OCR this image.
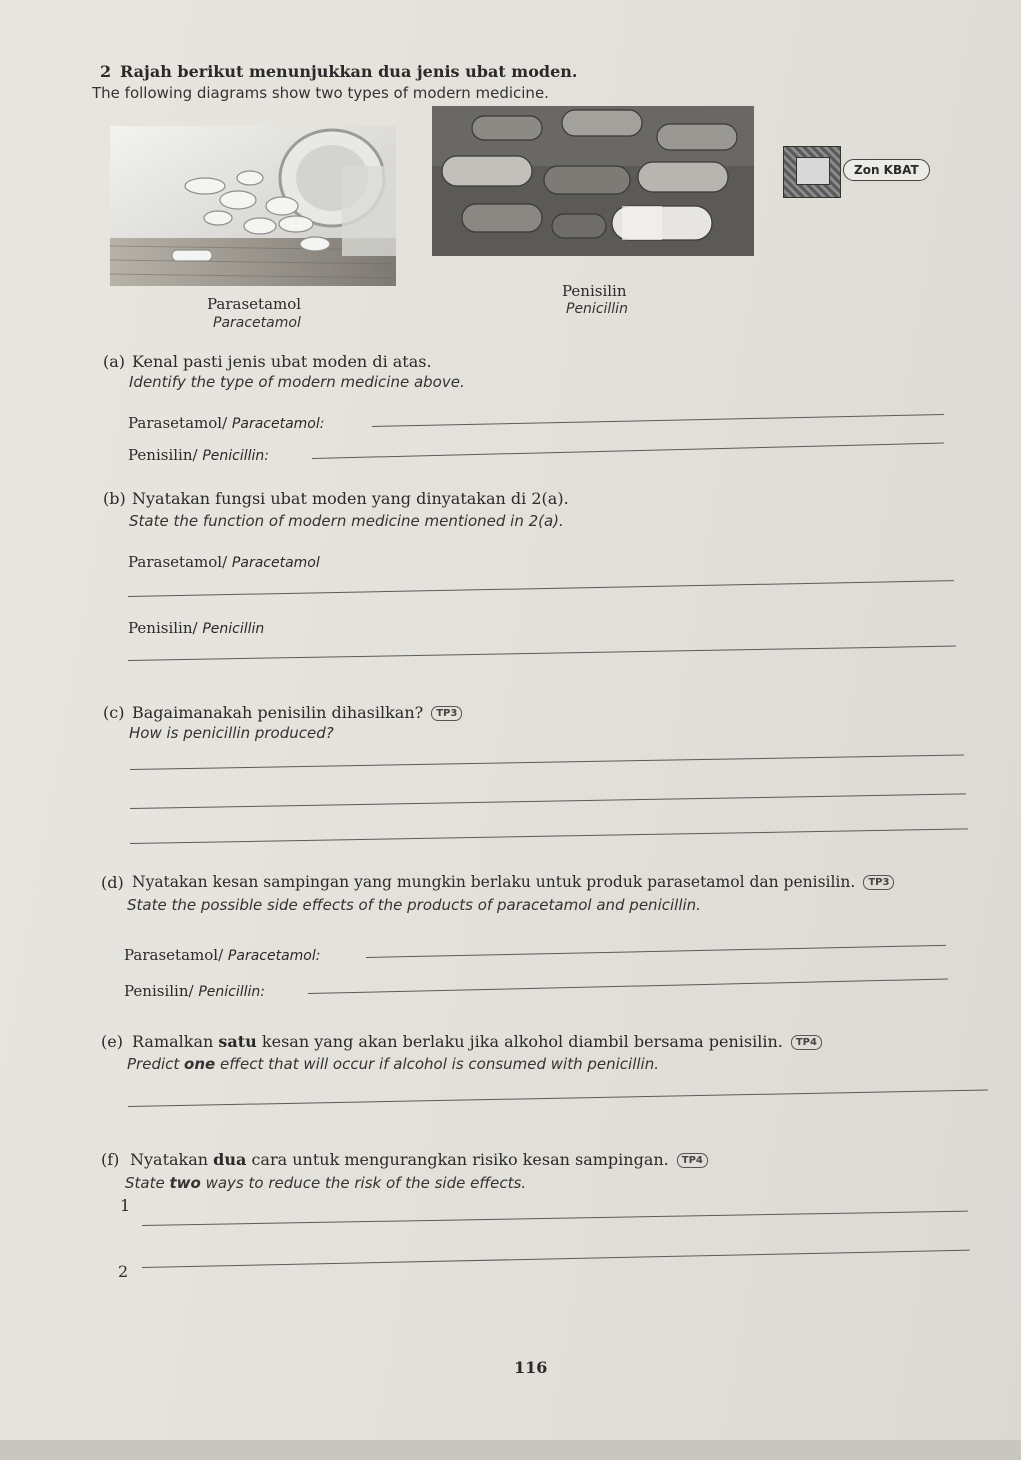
2 Rajah berikut menunjukkan dua jenis ubat moden.
The following diagrams show two types of modern medicine.
Zon KBAT
Parasetamol
Paracetamol
Penisilin
Penicillin
(a) Kenal pasti jenis ubat moden di atas.
Identify the type of modern medicine above.
Parasetamol/ Paracetamol:
Penisilin/ Penicillin:
(b) Nyatakan fungsi ubat moden yang dinyatakan di 2(a).
State the function of modern medicine mentioned in 2(a).
Parasetamol/ Paracetamol
Penisilin/ Penicillin
(c) Bagaimanakah penisilin dihasilkan? TP3
How is penicillin produced?
(d) Nyatakan kesan sampingan yang mungkin berlaku untuk produk parasetamol dan penisilin. TP3
State the possible side effects of the products of paracetamol and penicillin.
Parasetamol/ Paracetamol:
Penisilin/ Penicillin:
(e) Ramalkan satu kesan yang akan berlaku jika alkohol diambil bersama penisilin. TP4
Predict one effect that will occur if alcohol is consumed with penicillin.
(f) Nyatakan dua cara untuk mengurangkan risiko kesan sampingan. TP4
State two ways to reduce the risk of the side effects.
1
2
116
